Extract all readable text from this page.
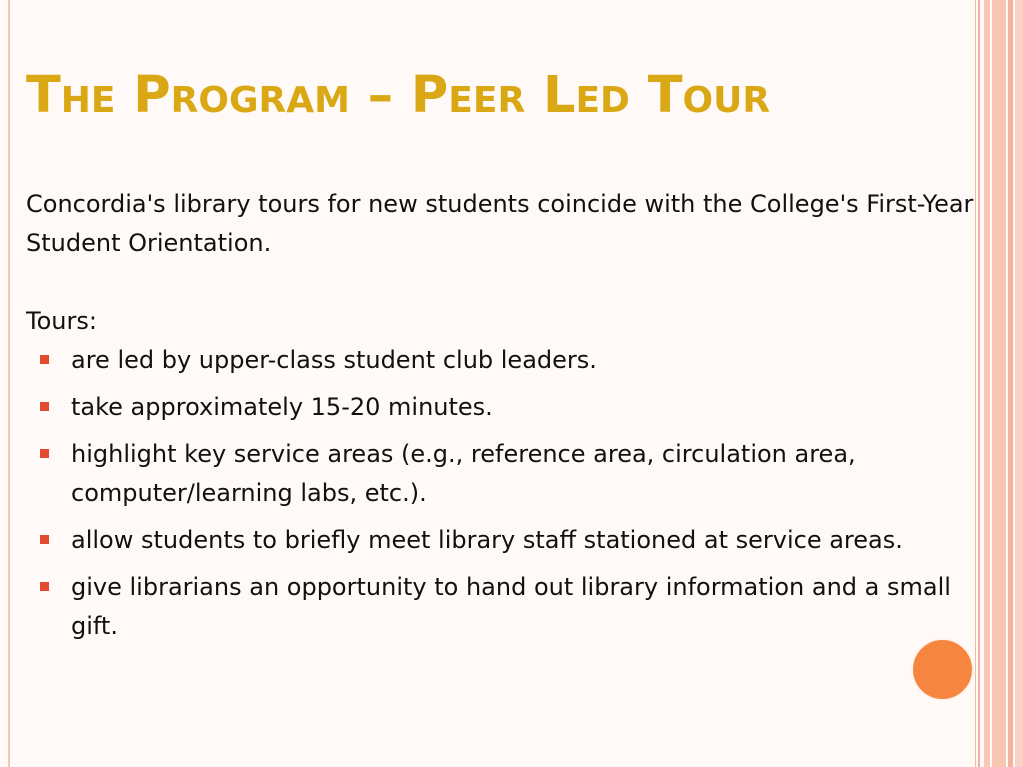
The Program – Peer Led Tour

Concordia's library tours for new students coincide with the College's First-Year Student Orientation.

Tours:

are led by upper-class student club leaders.
take approximately 15-20 minutes.
highlight key service areas (e.g., reference area, circulation area, computer/learning labs, etc.).
allow students to briefly meet library staff stationed at service areas.
give librarians an opportunity to hand out library information and a small gift.
